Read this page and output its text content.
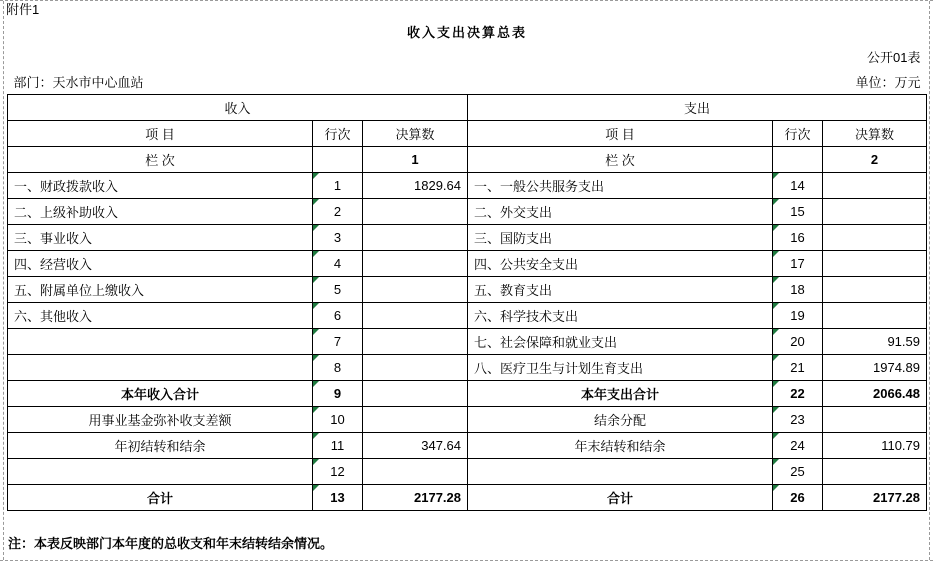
附件1

收入支出决算总表					
				公开01表	
部门：天水市中心血站				单位：万元	
收入			支出		
项 目	行次	决算数	项 目	行次	决算数
栏 次		1	栏 次		2
一、财政拨款收入	1	1829.64	一、一般公共服务支出	14	
二、上级补助收入	2		二、外交支出	15	
三、事业收入	3		三、国防支出	16	
四、经营收入	4		四、公共安全支出	17	
五、附属单位上缴收入	5		五、教育支出	18	
六、其他收入	6		六、科学技术支出	19	
	7		七、社会保障和就业支出	20	91.59
	8		八、医疗卫生与计划生育支出	21	1974.89
本年收入合计	9		本年支出合计	22	2066.48
用事业基金弥补收支差额	10		结余分配	23	
年初结转和结余	11	347.64	年末结转和结余	24	110.79
	12			25	
合计	13	2177.28	合计	26	2177.28
注：本表反映部门本年度的总收支和年末结转结余情况。
